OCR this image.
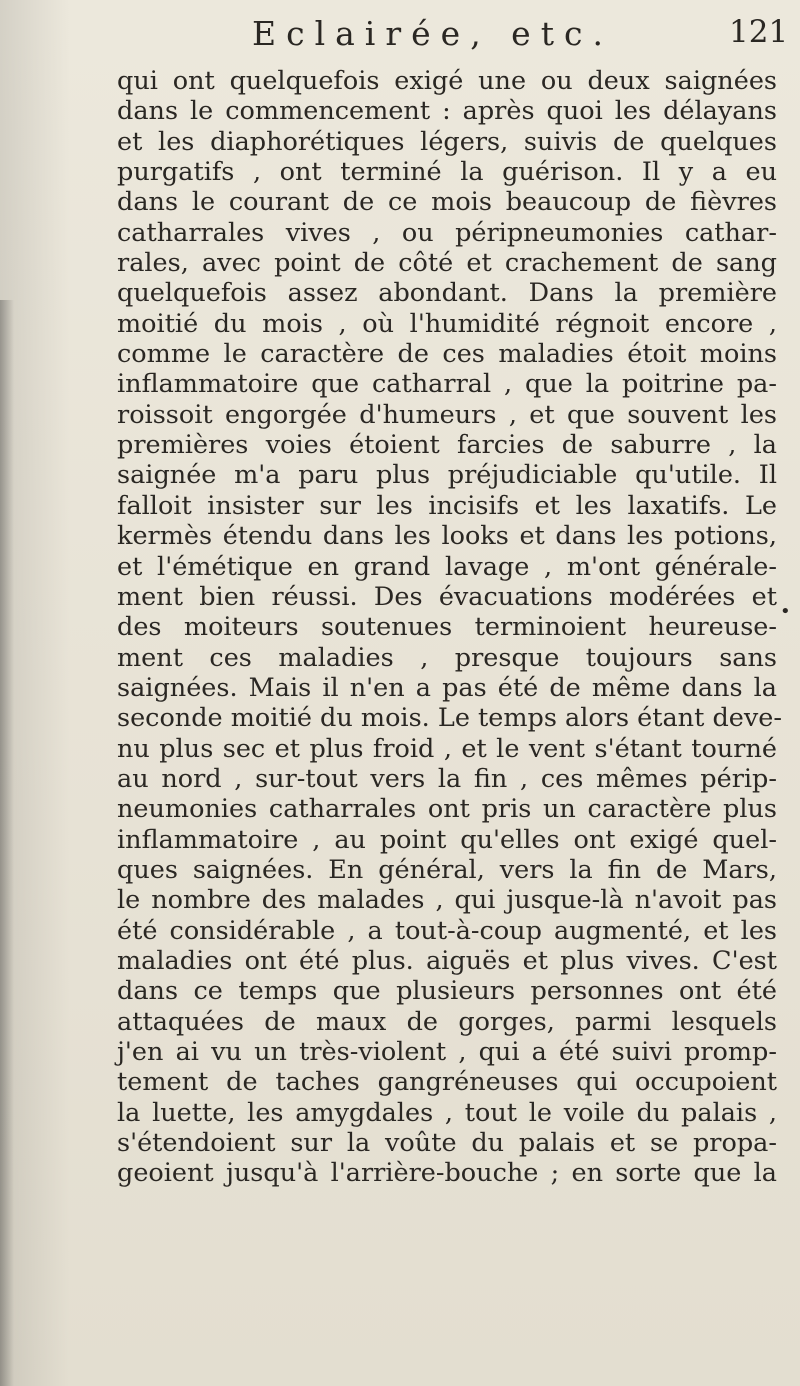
Eclairée, etc.	121
qui ont quelquefois exigé une ou deux saignées
dans le commencement : après quoi les délayans
et les diaphorétiques légers, suivis de quelques
purgatifs , ont terminé la guérison. Il y a eu
dans le courant de ce mois beaucoup de fièvres
catharrales vives , ou péripneumonies cathar-
rales, avec point de côté et crachement de sang
quelquefois assez abondant. Dans la première
moitié du mois , où l'humidité régnoit encore ,
comme le caractère de ces maladies étoit moins
inflammatoire que catharral , que la poitrine pa-
roissoit engorgée d'humeurs , et que souvent les
premières voies étoient farcies de saburre , la
saignée m'a paru plus préjudiciable qu'utile. Il
falloit insister sur les incisifs et les laxatifs. Le
kermès étendu dans les looks et dans les potions,
et l'émétique en grand lavage , m'ont générale-
ment bien réussi. Des évacuations modérées et
des moiteurs soutenues terminoient heureuse-
ment ces maladies , presque toujours sans
saignées. Mais il n'en a pas été de même dans la
seconde moitié du mois. Le temps alors étant deve-
nu plus sec et plus froid , et le vent s'étant tourné
au nord , sur-tout vers la fin , ces mêmes périp-
neumonies catharrales ont pris un caractère plus
inflammatoire , au point qu'elles ont exigé quel-
ques saignées. En général, vers la fin de Mars,
le nombre des malades , qui jusque-là n'avoit pas
été considérable , a tout-à-coup augmenté, et les
maladies ont été plus. aiguës et plus vives. C'est
dans ce temps que plusieurs personnes ont été
attaquées de maux de gorges, parmi lesquels
j'en ai vu un très-violent , qui a été suivi promp-
tement de taches gangréneuses qui occupoient
la luette, les amygdales , tout le voile du palais ,
s'étendoient sur la voûte du palais et se propa-
geoient jusqu'à l'arrière-bouche ; en sorte que la
•
